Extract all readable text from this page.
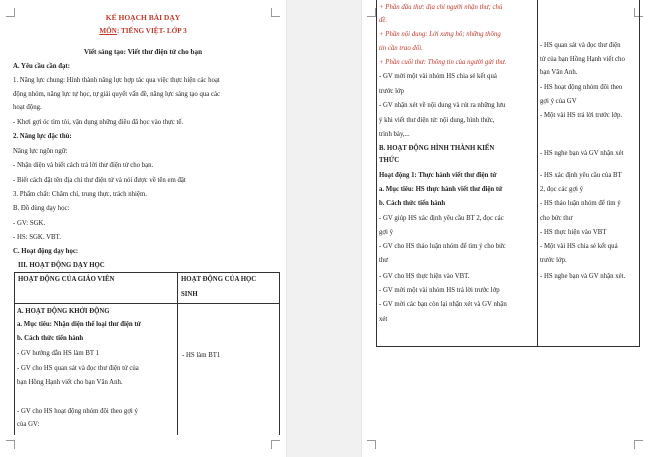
KẾ HOẠCH BÀI DẠY
MÔN: TIẾNG VIỆT- LỚP 3
Viết sáng tạo: Viết thư điện tử cho bạn
A. Yêu cầu cần đạt:
1. Năng lực chung: Hình thành năng lực hợp tác qua việc thực hiện các hoạt
động nhóm, năng lực tự học, tự giải quyết vấn đề, năng lực sáng tạo qua các
hoạt động.
- Khơi gợi óc tìm tòi, vận dụng những điều đã học vào thực tế.
2. Năng lực đặc thù:
Năng lực ngôn ngữ:
- Nhận diện và biết cách trả lời thư điện tử cho bạn.
- Biết cách đặt tên địa chỉ thư điện tử và nói được về tên em đặt
3. Phẩm chất: Chăm chỉ, trung thực, trách nhiệm.
B. Đồ dùng dạy học:
- GV: SGK.
- HS: SGK. VBT.
C. Hoạt động dạy học:
III. HOẠT ĐỘNG DẠY HỌC
HOẠT ĐỘNG CỦA GIÁO VIÊN	HOẠT ĐỘNG CỦA HỌC
SINH
A. HOẠT ĐỘNG KHỞI ĐỘNG
a. Mục tiêu: Nhận diện thể loại thư điện tử
b. Cách thức tiến hành
- GV hướng dẫn HS làm BT 1
- GV cho HS quan sát và đọc thư điện tử của
bạn Hồng Hạnh viết cho bạn Vân Anh.
- GV cho HS hoạt động nhóm đôi theo gợi ý
của GV:
- HS làm BT1
+ Phần đầu thư: địa chỉ người nhận thư; chủ
đề.
+ Phần nội dung: Lời xưng hô; những thông
tin cần trao đổi.
+ Phần cuối thư: Thông tin của người gửi thư.
- GV mời một vài nhóm HS chia sẻ kết quả
trước lớp
- GV nhận xét về nội dung và rút ra những lưu
ý khi viết thư điện tử: nội dung, hình thức,
trình bày,...
B. HOẠT ĐỘNG HÌNH THÀNH KIẾN
THỨC
Hoạt động 1: Thực hành viết thư điện tử
a. Mục tiêu: HS thực hành viết thư điện tử
b. Cách thức tiến hành
- GV giúp HS xác định yêu cầu BT 2, đọc các
gợi ý
- GV cho HS thảo luận nhóm để tìm ý cho bức
thư
- GV cho HS thực hiện vào VBT.
- GV mời một vài nhóm HS trả lời trước lớp
- GV mời các bạn còn lại nhận xét và GV nhận
xét
- HS quan sát và đọc thư điện
tử của bạn Hồng Hạnh viết cho
bạn Vân Anh.
- HS hoạt động nhóm đôi theo
gợi ý của GV
- Một vài HS trả lời trước lớp.
- HS nghe bạn và GV nhận xét
- HS xác định yêu cầu của BT
2, đọc các gợi ý
- HS thảo luận nhóm để tìm ý
cho bức thư
- HS thực hiện vào VBT
- Một vài HS chia sẻ kết quả
trước lớp.
- HS nghe bạn và GV nhận xét.
